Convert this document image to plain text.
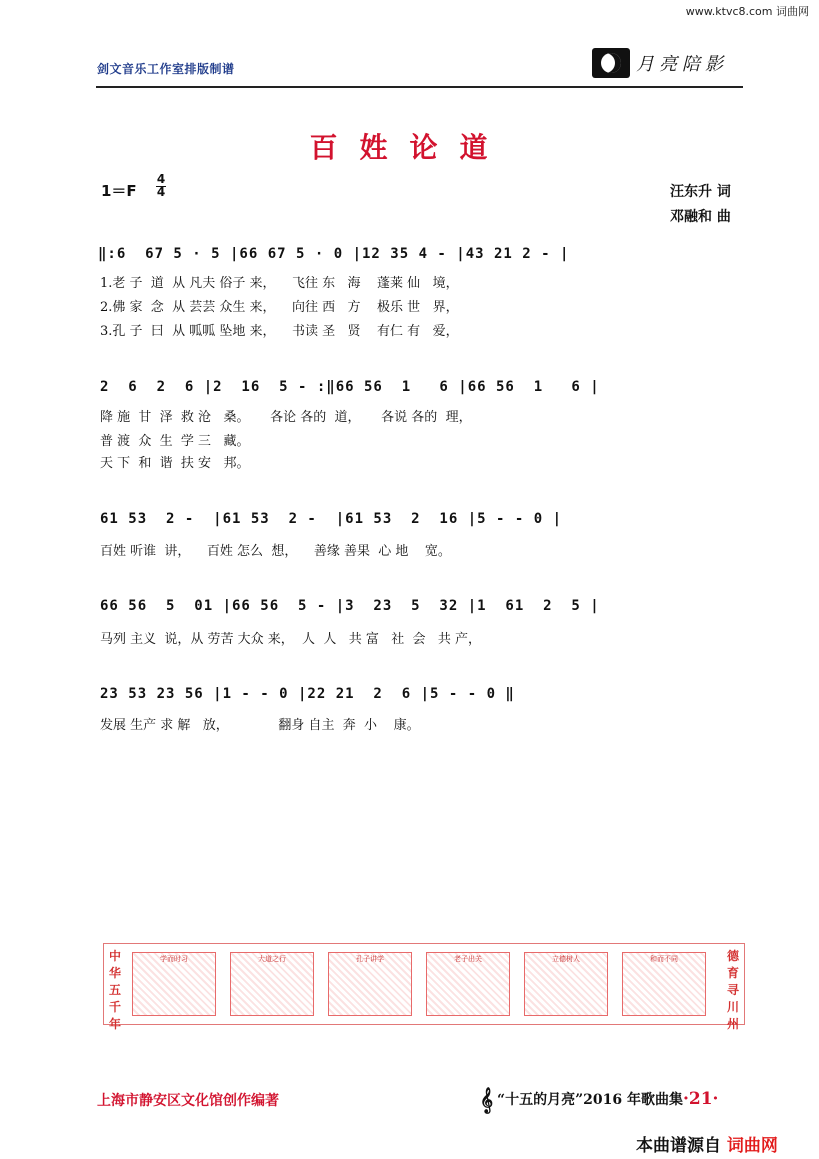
www.ktvc8.com 词曲网
剑文音乐工作室排版制谱	月亮陪影
百姓论道
$1=F \frac{4}{4}$	汪东升 词
邓融和 曲
‖:6  67 5 · 5 |66 67 5 · 0 |12 35 4 - |43 21 2 - |
1.老 子  道  从 凡夫 俗子 来，    飞往 东   海    蓬莱 仙   境，
2.佛 家  念  从 芸芸 众生 来，    向往 西   方    极乐 世   界，
3.孔 子  曰  从 呱呱 坠地 来，    书读 圣   贤    有仁 有   爱，
2  6  2  6 |2  16  5 - :‖66 56  1   6 |66 56  1   6 |
降 施  甘  泽  救 沧   桑。     各论 各的  道，     各说 各的  理，
普 渡  众  生  学 三   藏。
天 下  和  谐  扶 安   邦。
61 53  2 -  |61 53  2 -  |61 53  2  16 |5 - - 0 |
百姓 听谁  讲，    百姓 怎么  想，    善缘 善果  心 地    宽。
66 56  5  01 |66 56  5 - |3  23  5  32 |1  61  2  5 |
马列 主义  说，从 劳苦 大众 来，  人  人   共 富   社  会   共 产，
23 53 23 56 |1 - - 0 |22 21  2  6 |5 - - 0 ‖
发展 生产 求 解   放，            翻身 自主  奔  小    康。
中华五千年
学而时习	大道之行	孔子讲学	老子出关	立德树人	和而不同	德育寻川州
上海市静安区文化馆创作编著	𝄞 “十五的月亮”2016 年歌曲集·21·
本曲谱源自 词曲网
